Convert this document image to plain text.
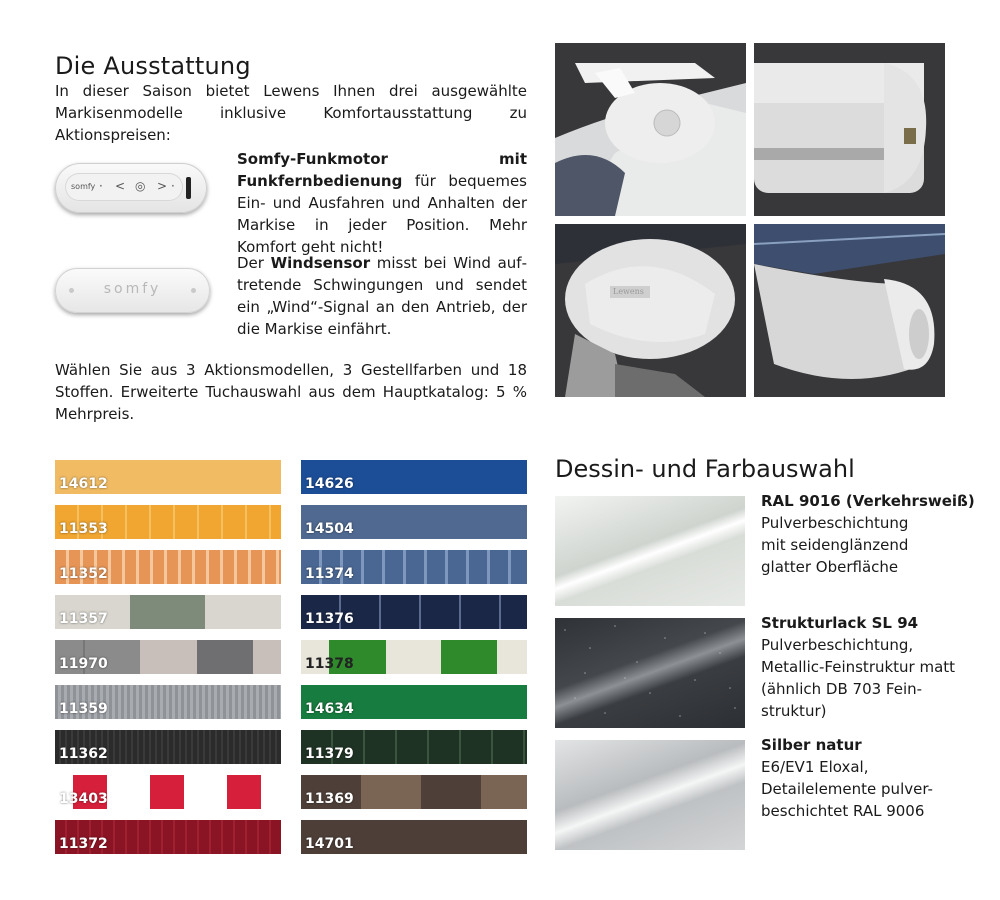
Die Ausstattung

In dieser Saison bietet Lewens Ihnen drei ausgewählte Markisenmodelle inklusive Komfortausstattung zu Aktionspreisen:

somfy · < ◎ > ·

Somfy-Funkmotor mit Funkfernbedienung für bequemes Ein- und Ausfahren und Anhalten der Markise in jeder Position. Mehr Komfort geht nicht!

somfy

Der Windsensor misst bei Wind auftretende Schwingungen und sendet ein „Wind“-Signal an den Antrieb, der die Markise einfährt.

Wählen Sie aus 3 Aktionsmodellen, 3 Gestellfarben und 18 Stoffen. Erweiterte Tuchauswahl aus dem Hauptkatalog: 5 % Mehrpreis.

Lewens
14612
11353
11352
11357
11970
11359
11362
13403
11372
14626
14504
11374
11376
11378
14634
11379
11369
14701
Dessin- und Farbauswahl
RAL 9016 (Verkehrsweiß)
Pulverbeschichtung
mit seidenglänzend
glatter Oberfläche
Strukturlack SL 94
Pulverbeschichtung,
Metallic-Feinstruktur matt
(ähnlich DB 703 Fein-
struktur)
Silber natur
E6/EV1 Eloxal,
Detailelemente pulver-
beschichtet RAL 9006
